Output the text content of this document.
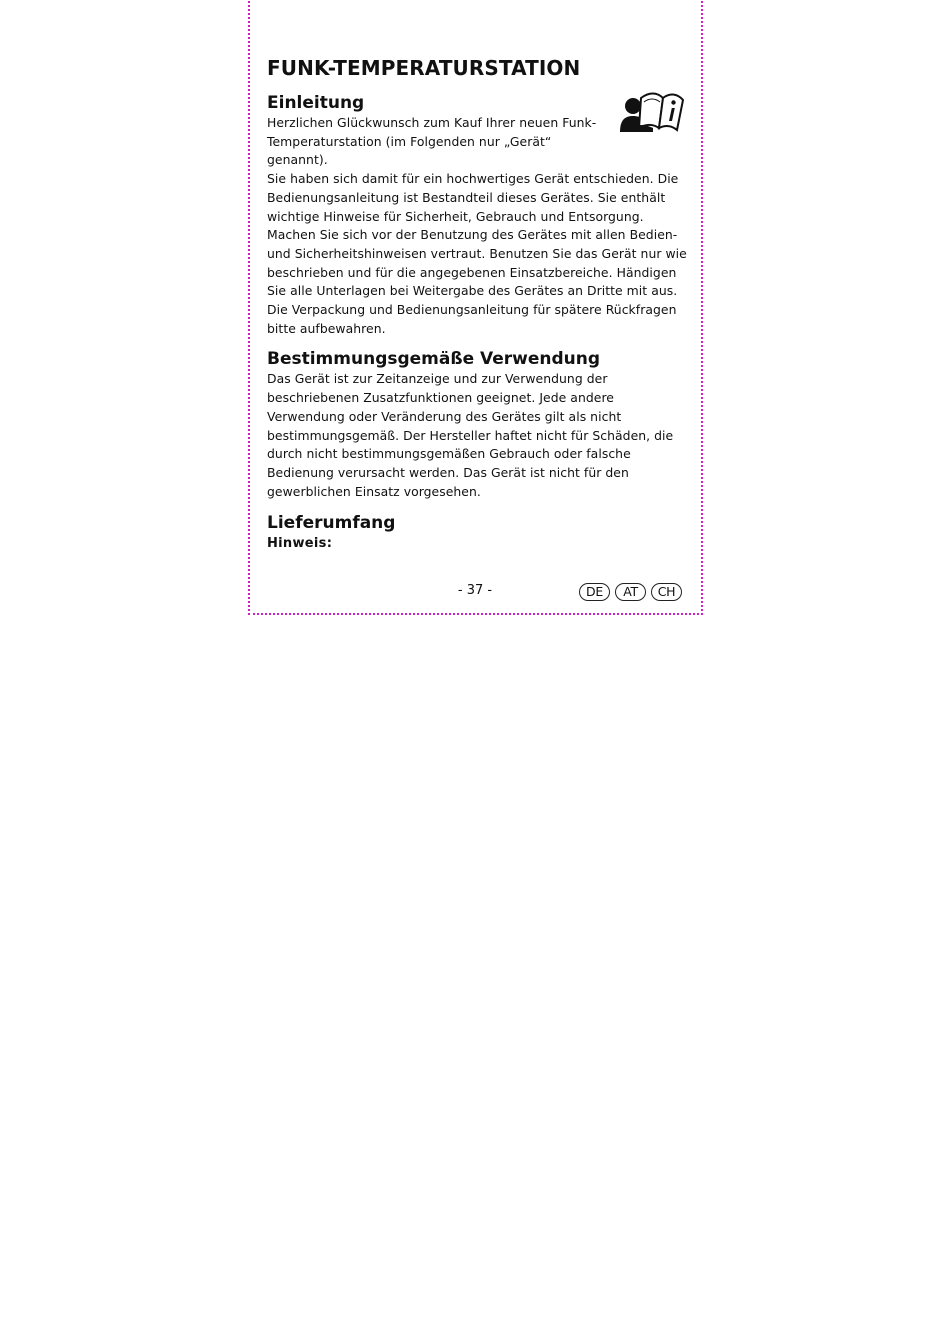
FUNK-TEMPERATURSTATION
Einleitung

Herzlichen Glückwunsch zum Kauf Ihrer neuen Funk-
Temperaturstation (im Folgenden nur „Gerät“ genannt).

Sie haben sich damit für ein hochwertiges Gerät entschieden. Die
Bedienungsanleitung ist Bestandteil dieses Gerätes. Sie enthält
wichtige Hinweise für Sicherheit, Gebrauch und Entsorgung.
Machen Sie sich vor der Benutzung des Gerätes mit allen Bedien-
und Sicherheitshinweisen vertraut. Benutzen Sie das Gerät nur wie
beschrieben und für die angegebenen Einsatzbereiche. Händigen
Sie alle Unterlagen bei Weitergabe des Gerätes an Dritte mit aus.
Die Verpackung und Bedienungsanleitung für spätere Rückfragen
bitte aufbewahren.

Bestimmungsgemäße Verwendung

Das Gerät ist zur Zeitanzeige und zur Verwendung der
beschriebenen Zusatzfunktionen geeignet. Jede andere
Verwendung oder Veränderung des Gerätes gilt als nicht
bestimmungsgemäß. Der Hersteller haftet nicht für Schäden, die
durch nicht bestimmungsgemäßen Gebrauch oder falsche
Bedienung verursacht werden. Das Gerät ist nicht für den
gewerblichen Einsatz vorgesehen.

Lieferumfang

Hinweis:

- 37 -	DE	AT	CH
